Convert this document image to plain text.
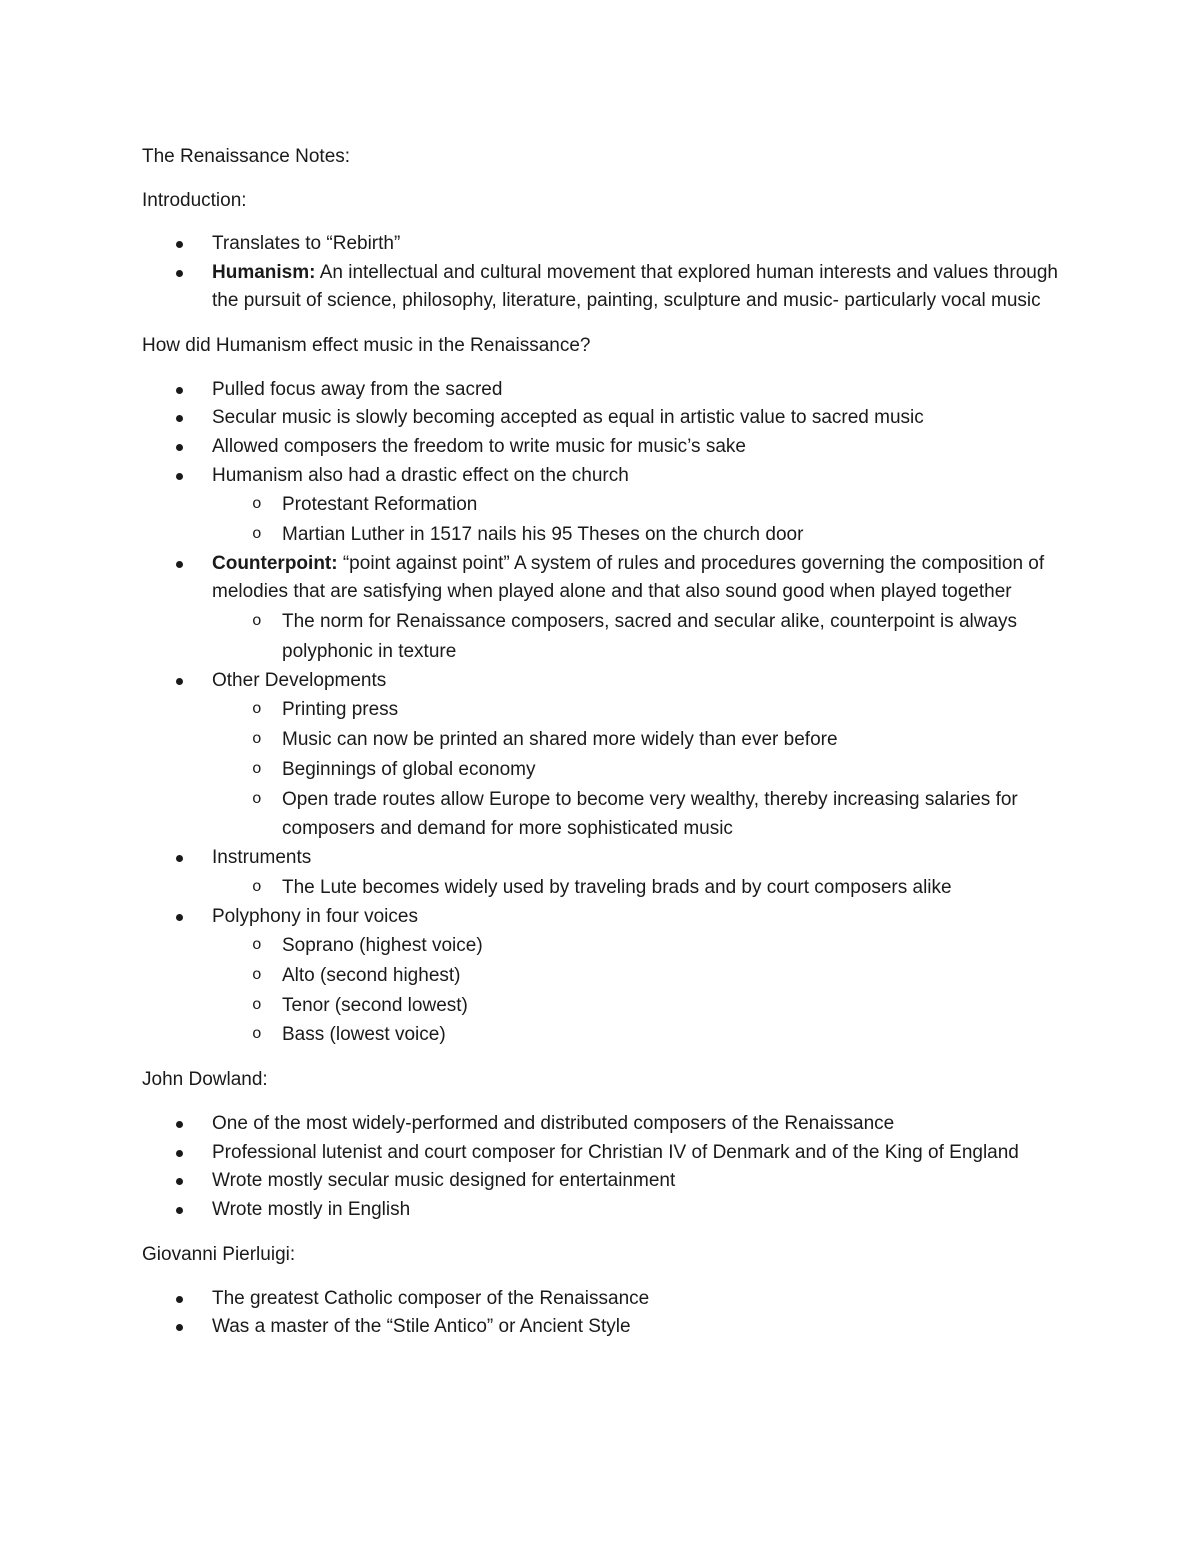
The Renaissance Notes:

Introduction:

Translates to “Rebirth”
Humanism: An intellectual and cultural movement that explored human interests and values through the pursuit of science, philosophy, literature, painting, sculpture and music- particularly vocal music

How did Humanism effect music in the Renaissance?

Pulled focus away from the sacred
Secular music is slowly becoming accepted as equal in artistic value to sacred music
Allowed composers the freedom to write music for music’s sake
Humanism also had a drastic effect on the church
o Protestant Reformation
o Martian Luther in 1517 nails his 95 Theses on the church door
Counterpoint: “point against point” A system of rules and procedures governing the composition of melodies that are satisfying when played alone and that also sound good when played together
o The norm for Renaissance composers, sacred and secular alike, counterpoint is always polyphonic in texture
Other Developments
o Printing press
o Music can now be printed an shared more widely than ever before
o Beginnings of global economy
o Open trade routes allow Europe to become very wealthy, thereby increasing salaries for composers and demand for more sophisticated music
Instruments
o The Lute becomes widely used by traveling brads and by court composers alike
Polyphony in four voices
o Soprano (highest voice)
o Alto (second highest)
o Tenor (second lowest)
o Bass (lowest voice)

John Dowland:

One of the most widely-performed and distributed composers of the Renaissance
Professional lutenist and court composer for Christian IV of Denmark and of the King of England
Wrote mostly secular music designed for entertainment
Wrote mostly in English

Giovanni Pierluigi:

The greatest Catholic composer of the Renaissance
Was a master of the “Stile Antico” or Ancient Style
